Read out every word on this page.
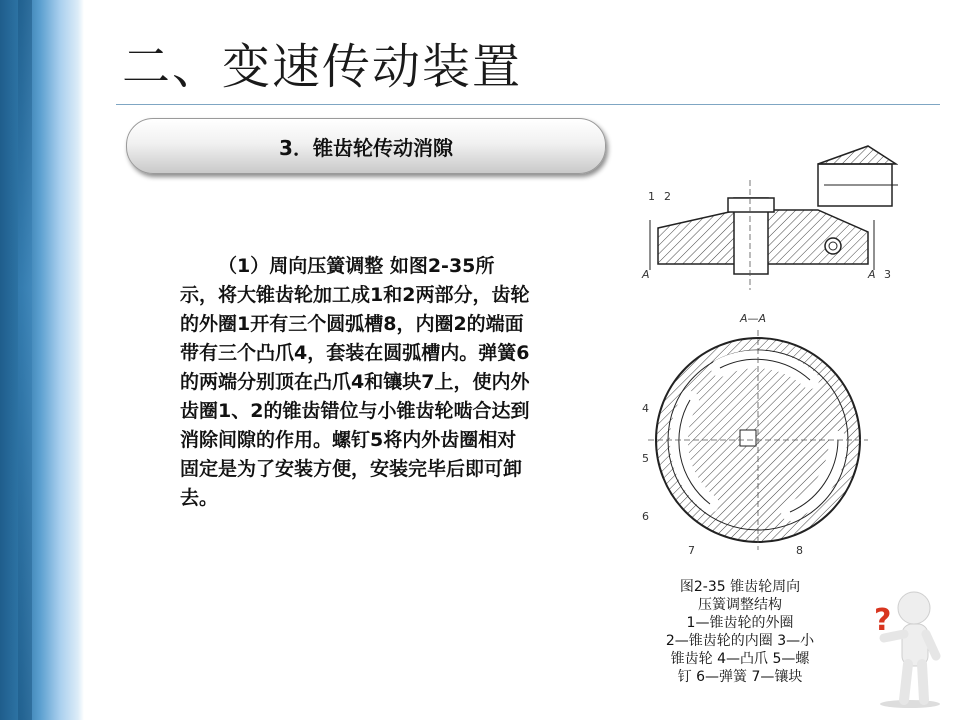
二、变速传动装置
3．锥齿轮传动消隙

（1）周向压簧调整 如图2-35所示，将大锥齿轮加工成1和2两部分，齿轮的外圈1开有三个圆弧槽8，内圈2的端面带有三个凸爪4，套装在圆弧槽内。弹簧6的两端分别顶在凸爪4和镶块7上，使内外齿圈1、2的锥齿错位与小锥齿轮啮合达到消除间隙的作用。螺钉5将内外齿圈相对固定是为了安装方便，安装完毕后即可卸去。

1 2
3
A	A
A—A
4
5
6
7	8
图2-35 锥齿轮周向
压簧调整结构
1—锥齿轮的外圈
2—锥齿轮的内圈 3—小
锥齿轮 4—凸爪 5—螺
钉 6—弹簧 7—镶块
?
